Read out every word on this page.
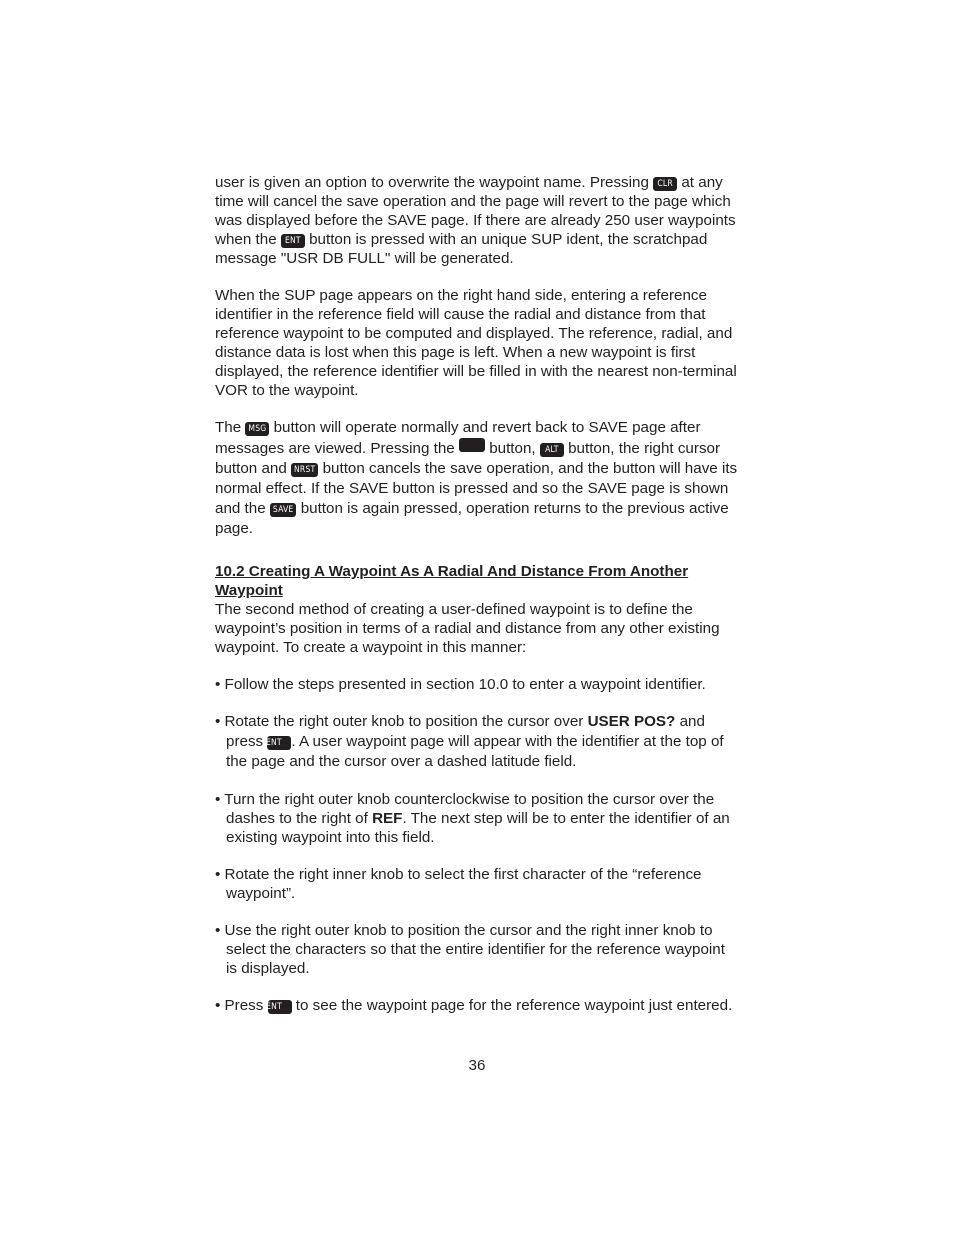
user is given an option to overwrite the waypoint name. Pressing CLR at any time will cancel the save operation and the page will revert to the page which was displayed before the SAVE page. If there are already 250 user waypoints when the ENT button is pressed with an unique SUP ident, the scratchpad message "USR DB FULL" will be generated.

When the SUP page appears on the right hand side, entering a reference identifier in the reference field will cause the radial and distance from that reference waypoint to be computed and displayed. The reference, radial, and distance data is lost when this page is left. When a new waypoint is first displayed, the reference identifier will be filled in with the nearest non-terminal VOR to the waypoint.

The MSG button will operate normally and revert back to SAVE page after messages are viewed. Pressing the  button, ALT button, the right cursor button and NRST button cancels the save operation, and the button will have its normal effect. If the SAVE button is pressed and so the SAVE page is shown and the SAVE button is again pressed, operation returns to the previous active page.

10.2 Creating A Waypoint As A Radial And Distance From Another Waypoint

The second method of creating a user-defined waypoint is to define the waypoint’s position in terms of a radial and distance from any other existing waypoint. To create a waypoint in this manner:

• Follow the steps presented in section 10.0 to enter a waypoint identifier.

• Rotate the right outer knob to position the cursor over USER POS? and press ENT . A user waypoint page will appear with the identifier at the top of the page and the cursor over a dashed latitude field.

• Turn the right outer knob counterclockwise to position the cursor over the dashes to the right of REF. The next step will be to enter the identifier of an existing waypoint into this field.

• Rotate the right inner knob to select the first character of the “reference waypoint”.

• Use the right outer knob to position the cursor and the right inner knob to select the characters so that the entire identifier for the reference waypoint is displayed.

• Press ENT to see the waypoint page for the reference waypoint just entered.

36
